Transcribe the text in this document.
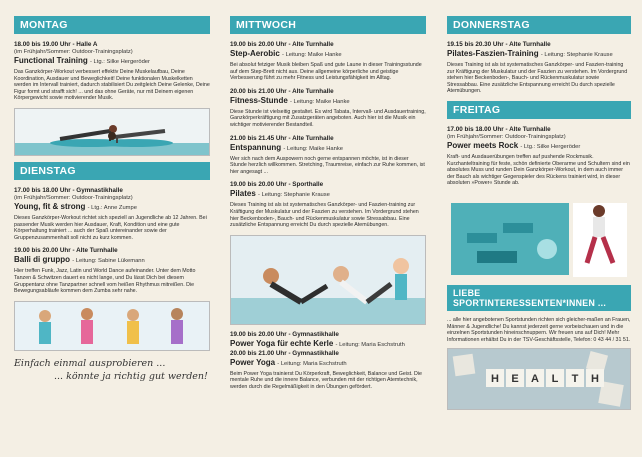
MONTAG
18.00 bis 19.00 Uhr - Halle A
(im Frühjahr/Sommer: Outdoor-Trainingsplatz)
Functional Training - Ltg.: Silke Hergeröder
Das Ganzkörper-Workout verbessert effektiv Deine Muskelaufbau, Deine Koordination, Ausdauer und Beweglichkeit! Deine funktionalen Muskelketten werden im Intervall trainiert, dadurch stabilisiert Du zeitgleich Deine Gelenke, Deine Figur formt und strafft sich! ... und das ohne Geräte, nur mit Deinem eigenen Körpergewicht sowie motivierender Musik.
DIENSTAG
17.00 bis 18.00 Uhr - Gymnastikhalle
(im Frühjahr/Sommer: Outdoor-Trainingsplatz)
Young, fit & strong - Ltg.: Anne Zumpe
Dieses Ganzkörper-Workout richtet sich speziell an Jugendliche ab 12 Jahren. Bei passender Musik werden hier Ausdauer, Kraft, Kondition und eine gute Körperhaltung trainiert ... auch der Spaß untereinander sowie der Gruppenzusammenhalt soll nicht zu kurz kommen.
19.00 bis 20.00 Uhr - Alte Turnhalle
Balli di gruppo - Leitung: Sabine Lükemann
Hier treffen Funk, Jazz, Latin und World Dance aufeinander. Unter dem Motto Tanzen & Schwitzen dauert es nicht lange, und Du lässt Dich bei diesem Gruppentanz ohne Tanzpartner schnell vom heißen Rhythmus mitreißen. Die Bewegungsabläufe kommen dem Zumba sehr nahe.
Einfach einmal ausprobieren ...
... könnte ja richtig gut werden!
MITTWOCH
19.00 bis 20.00 Uhr - Alte Turnhalle
Step-Aerobic - Leitung: Maike Hanke
Bei absolut fetziger Musik bleiben Spaß und gute Laune in dieser Trainingsstunde auf dem Step-Brett nicht aus. Deine allgemeine körperliche und geistige Verbesserung führt zu mehr Fitness und Leistungsfähigkeit im Alltag.
20.00 bis 21.00 Uhr - Alte Turnhalle
Fitness-Stunde - Leitung: Maike Hanke
Diese Stunde ist vielseitig gestaltet. Es wird Tabata, Intervall- und Ausdauertraining, Ganzkörperkräftigung mit Zusatzgeräten angeboten. Auch hier ist die Musik ein wichtiger motivierender Bestandteil.
21.00 bis 21.45 Uhr - Alte Turnhalle
Entspannung - Leitung: Maike Hanke
Wer sich nach dem Auspowern noch gerne entspannen möchte, ist in dieser Stunde herzlich willkommen. Stretching, Traumreise, einfach zur Ruhe kommen, ist hier angesagt ...
19.00 bis 20.00 Uhr - Sporthalle
Pilates - Leitung: Stephanie Krause
Dieses Training ist als ist systematisches Ganzkörper- und Faszien-training zur Kräftigung der Muskulatur und der Faszien zu verstehen. Im Vordergrund stehen hier Beckenboden-, Bauch- und Rückenmuskulatur sowie Stressabbau. Eine zusätzliche Entspannung erreicht Du durch spezielle Atemübungen.
19.00 bis 20.00 Uhr - Gymnastikhalle
Power Yoga für echte Kerle - Leitung: Maria Eschstruth
20.00 bis 21.00 Uhr - Gymnastikhalle
Power Yoga - Leitung: Maria Eschstruth
Beim Power Yoga trainierst Du Körperkraft, Beweglichkeit, Balance und Geist. Die mentale Ruhe und die innere Balance, verbunden mit der richtigen Atemtechnik, werden durch die Regelmäßigkeit in den Übungen gefördert.
DONNERSTAG
19.15 bis 20.30 Uhr - Alte Turnhalle
Pilates-Faszien-Training - Leitung: Stephanie Krause
Dieses Training ist als ist systematisches Ganzkörper- und Faszien-training zur Kräftigung der Muskulatur und der Faszien zu verstehen. Im Vordergrund stehen hier Beckenboden-, Bauch- und Rückenmuskulatur sowie Stressabbau. Eine zusätzliche Entspannung erreicht Du durch spezielle Atemübungen.
FREITAG
17.00 bis 18.00 Uhr - Alte Turnhalle
(im Frühjahr/Sommer: Outdoor-Trainingsplatz)
Power meets Rock - Ltg.: Silke Hergeröder
Kraft- und Ausdauerübungen treffen auf pushende Rockmusik. Kurzhanteltraining für feste, schön definierte Oberarme und Schultern sind ein absolutes Muss und runden Dein Ganzkörper-Workout, in dem auch immer der Bauch als wichtiger Gegenspieler des Rückens trainiert wird, in dieser absoluten »Power« Stunde ab.
LIEBE SPORTINTERESSENTEN*INNEN ...
... alle hier angebotenen Sportstunden richten sich gleicher-maßen an Frauen, Männer & Jugendliche! Du kannst jederzeit gerne vorbeischauen und in die einzelnen Sportstunden hineinschnuppern. Wir freuen uns auf Dich! Mehr Informationen erhältst Du in der TSV-Geschäftsstelle, Telefon: 0 43 44 / 31 51.
H E A L T H
